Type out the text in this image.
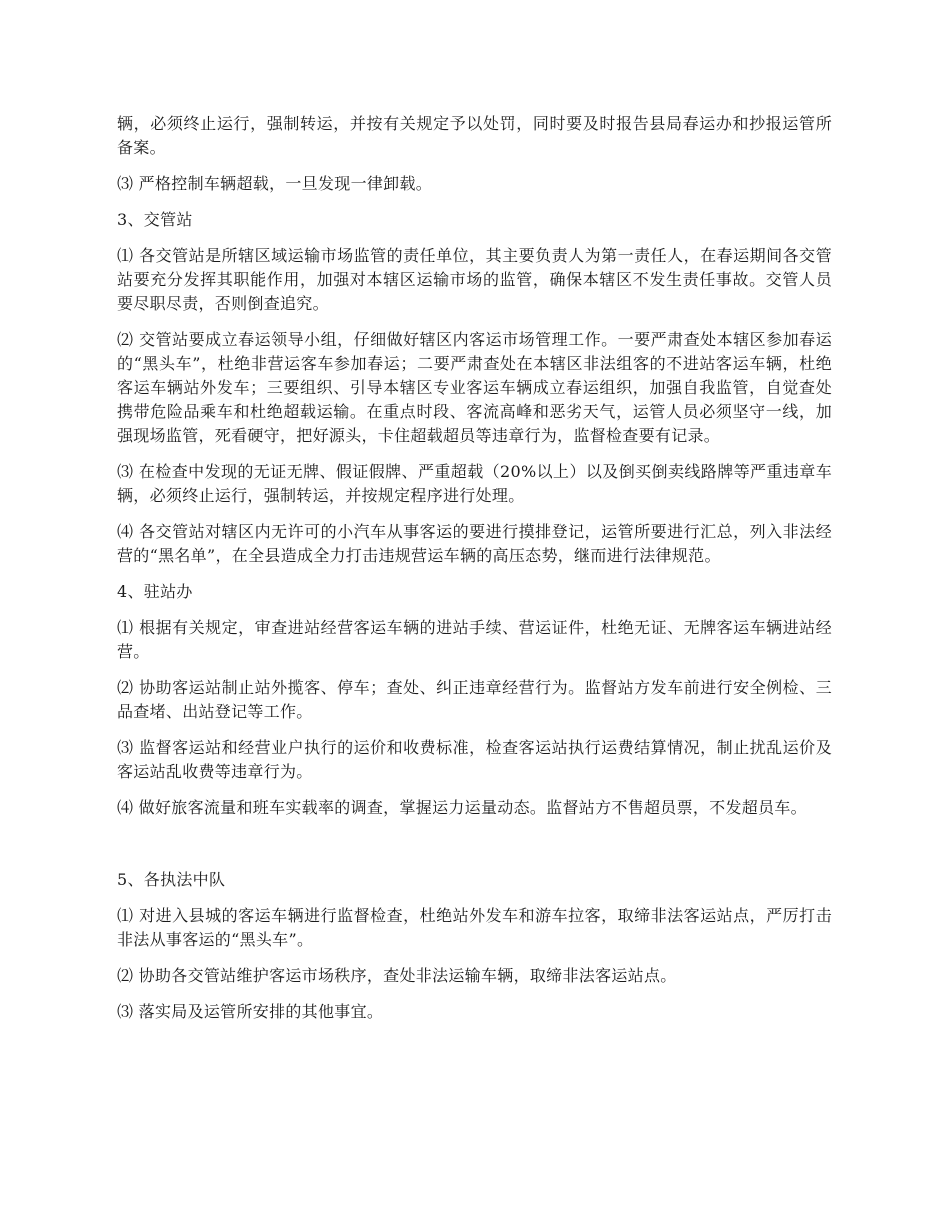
辆，必须终止运行，强制转运，并按有关规定予以处罚，同时要及时报告县局春运办和抄报运管所备案。

⑶ 严格控制车辆超载，一旦发现一律卸载。

3、交管站

⑴ 各交管站是所辖区域运输市场监管的责任单位，其主要负责人为第一责任人，在春运期间各交管站要充分发挥其职能作用，加强对本辖区运输市场的监管，确保本辖区不发生责任事故。交管人员要尽职尽责，否则倒查追究。

⑵ 交管站要成立春运领导小组，仔细做好辖区内客运市场管理工作。一要严肃查处本辖区参加春运的“黑头车”，杜绝非营运客车参加春运；二要严肃查处在本辖区非法组客的不进站客运车辆，杜绝客运车辆站外发车；三要组织、引导本辖区专业客运车辆成立春运组织，加强自我监管，自觉查处携带危险品乘车和杜绝超载运输。在重点时段、客流高峰和恶劣天气，运管人员必须坚守一线，加强现场监管，死看硬守，把好源头，卡住超载超员等违章行为，监督检查要有记录。

⑶ 在检查中发现的无证无牌、假证假牌、严重超载（20%以上）以及倒买倒卖线路牌等严重违章车辆，必须终止运行，强制转运，并按规定程序进行处理。

⑷ 各交管站对辖区内无许可的小汽车从事客运的要进行摸排登记，运管所要进行汇总，列入非法经营的“黑名单”，在全县造成全力打击违规营运车辆的高压态势，继而进行法律规范。

4、驻站办

⑴ 根据有关规定，审查进站经营客运车辆的进站手续、营运证件，杜绝无证、无牌客运车辆进站经营。

⑵ 协助客运站制止站外揽客、停车；查处、纠正违章经营行为。监督站方发车前进行安全例检、三品查堵、出站登记等工作。

⑶ 监督客运站和经营业户执行的运价和收费标准，检查客运站执行运费结算情况，制止扰乱运价及客运站乱收费等违章行为。

⑷ 做好旅客流量和班车实载率的调查，掌握运力运量动态。监督站方不售超员票，不发超员车。

5、各执法中队

⑴ 对进入县城的客运车辆进行监督检查，杜绝站外发车和游车拉客，取缔非法客运站点，严厉打击非法从事客运的“黑头车”。

⑵ 协助各交管站维护客运市场秩序，查处非法运输车辆，取缔非法客运站点。

⑶ 落实局及运管所安排的其他事宜。
